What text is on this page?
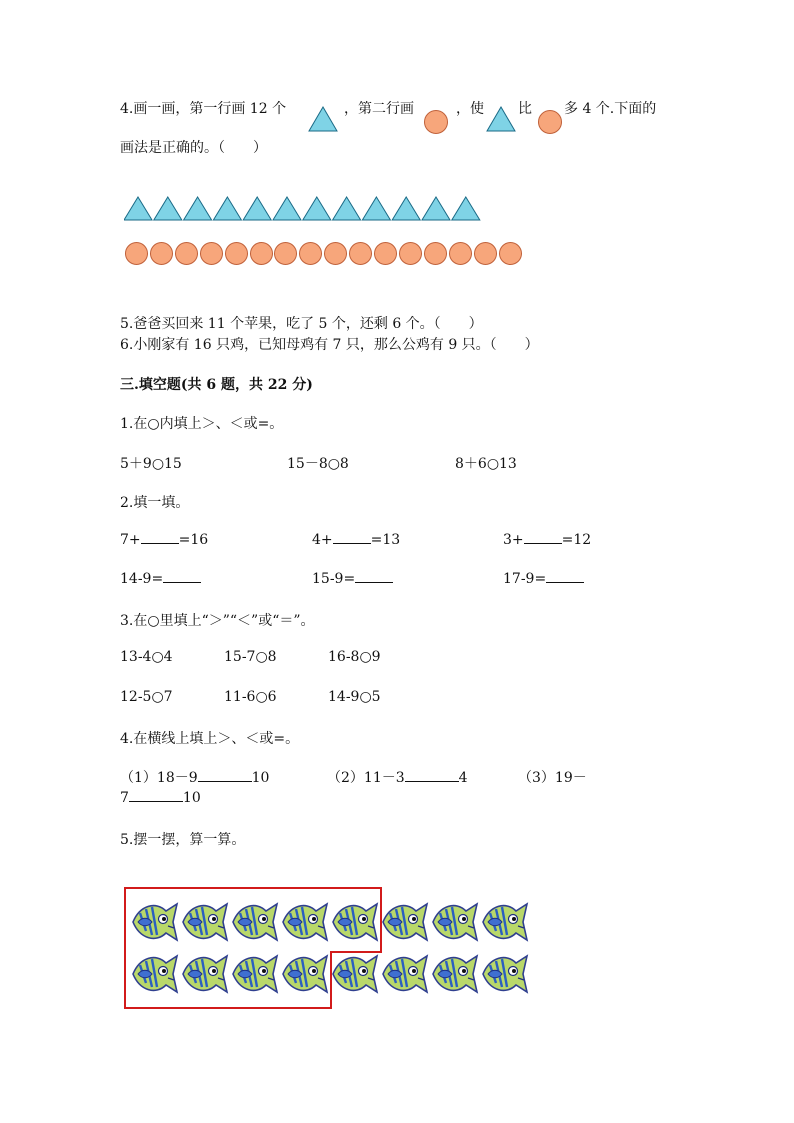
4.画一画，第一行画 12 个	，第二行画	，使 比 多 4 个.下面的
画法是正确的。（　　）
5.爸爸买回来 11 个苹果，吃了 5 个，还剩 6 个。（　　）
6.小刚家有 16 只鸡，已知母鸡有 7 只，那么公鸡有 9 只。（　　）
三.填空题(共 6 题，共 22 分)
1.在○内填上＞、＜或=。
5＋9○15	15－8○8	8＋6○13
2.填一填。
7+	=16	4+	=13	3+	=12
14-9=	15-9=	17-9=
3.在○里填上“＞”“＜”或“＝”。
13-4○4	15-7○8	16-8○9
12-5○7	11-6○6	14-9○5
4.在横线上填上＞、＜或=。
（1）18－9	10	（2）11－3	4	（3）19－
7	10
5.摆一摆，算一算。
